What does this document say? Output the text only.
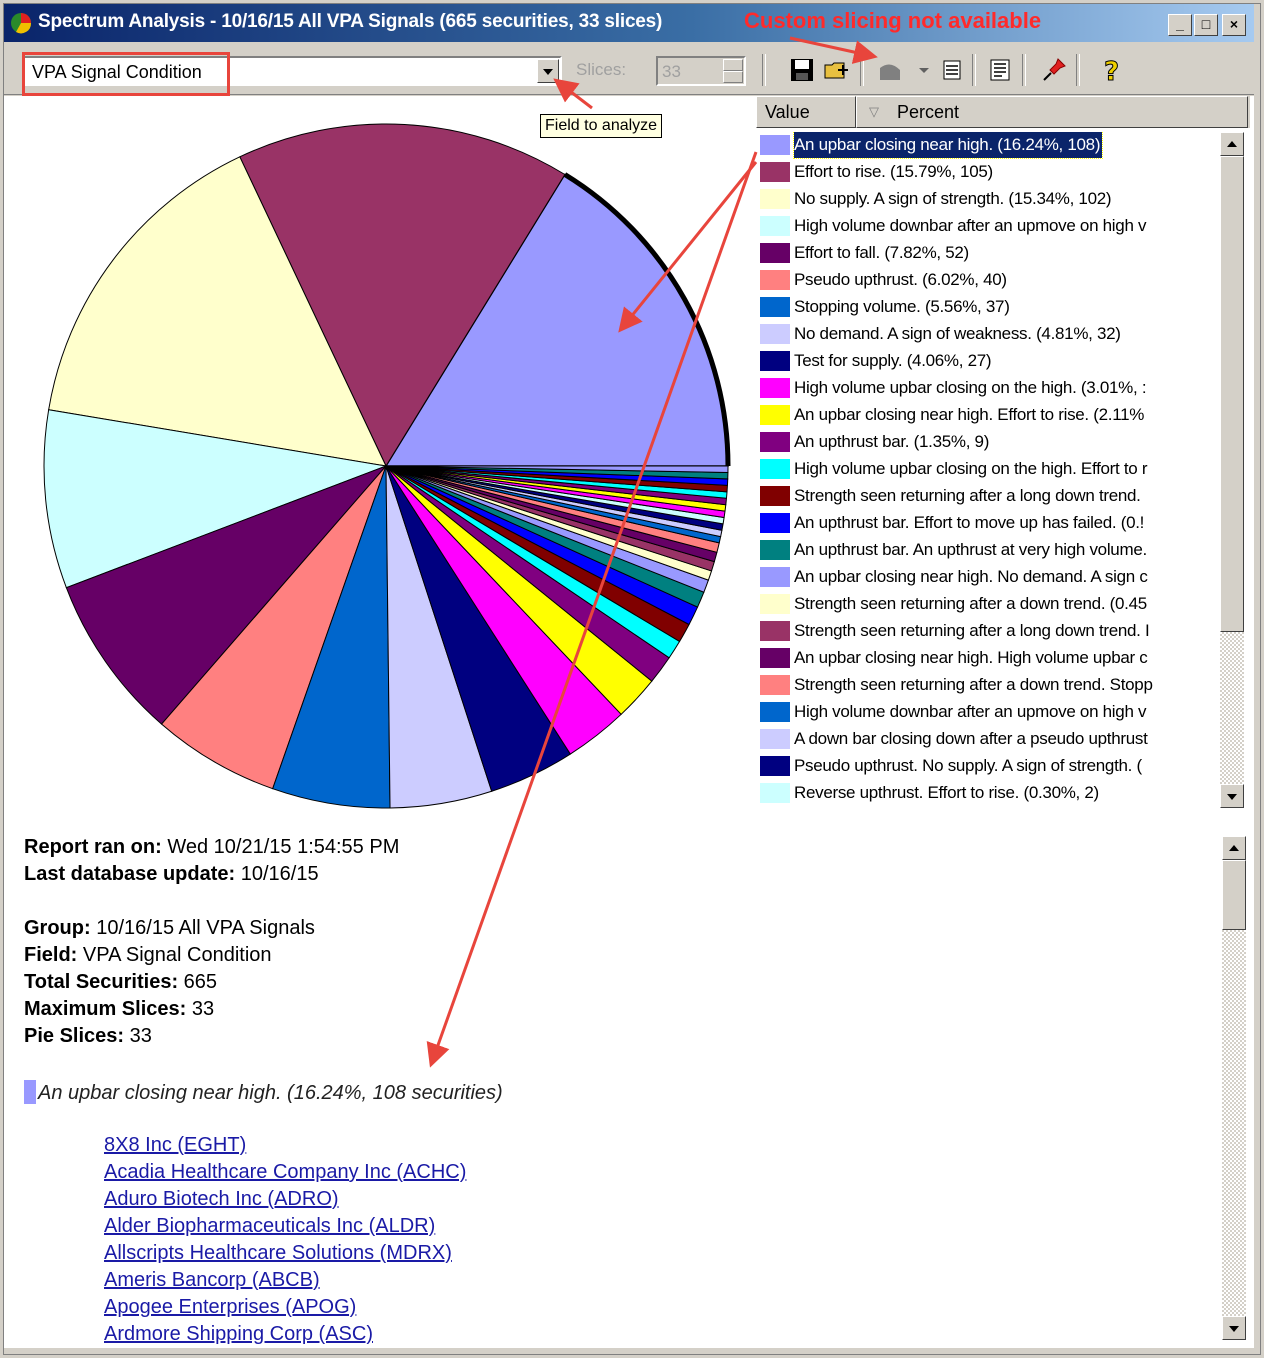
Spectrum Analysis - 10/16/15 All VPA Signals (665 securities, 33 slices)	Custom slicing not available	_	□	×
VPA Signal Condition	Slices: 33	?
Value	▽ Percent
An upbar closing near high. (16.24%, 108)
Effort to rise. (15.79%, 105)
No supply. A sign of strength. (15.34%, 102)
High volume downbar after an upmove on high v
Effort to fall. (7.82%, 52)
Pseudo upthrust. (6.02%, 40)
Stopping volume. (5.56%, 37)
No demand. A sign of weakness. (4.81%, 32)
Test for supply. (4.06%, 27)
High volume upbar closing on the high. (3.01%, :
An upbar closing near high. Effort to rise. (2.11%
An upthrust bar. (1.35%, 9)
High volume upbar closing on the high. Effort to r
Strength seen returning after a long down trend.
An upthrust bar. Effort to move up has failed. (0.!
An upthrust bar. An upthrust at very high volume.
An upbar closing near high. No demand. A sign c
Strength seen returning after a down trend. (0.45
Strength seen returning after a long down trend. I
An upbar closing near high. High volume upbar c
Strength seen returning after a down trend. Stopp
High volume downbar after an upmove on high v
A down bar closing down after a pseudo upthrust
Pseudo upthrust. No supply. A sign of strength. (
Reverse upthrust. Effort to rise. (0.30%, 2)
Report ran on: Wed 10/21/15 1:54:55 PM
Last database update: 10/16/15
Group: 10/16/15 All VPA Signals
Field: VPA Signal Condition
Total Securities: 665
Maximum Slices: 33
Pie Slices: 33
An upbar closing near high. (16.24%, 108 securities)
8X8 Inc (EGHT)
Acadia Healthcare Company Inc (ACHC)
Aduro Biotech Inc (ADRO)
Alder Biopharmaceuticals Inc (ALDR)
Allscripts Healthcare Solutions (MDRX)
Ameris Bancorp (ABCB)
Apogee Enterprises (APOG)
Ardmore Shipping Corp (ASC)
Field to analyze
